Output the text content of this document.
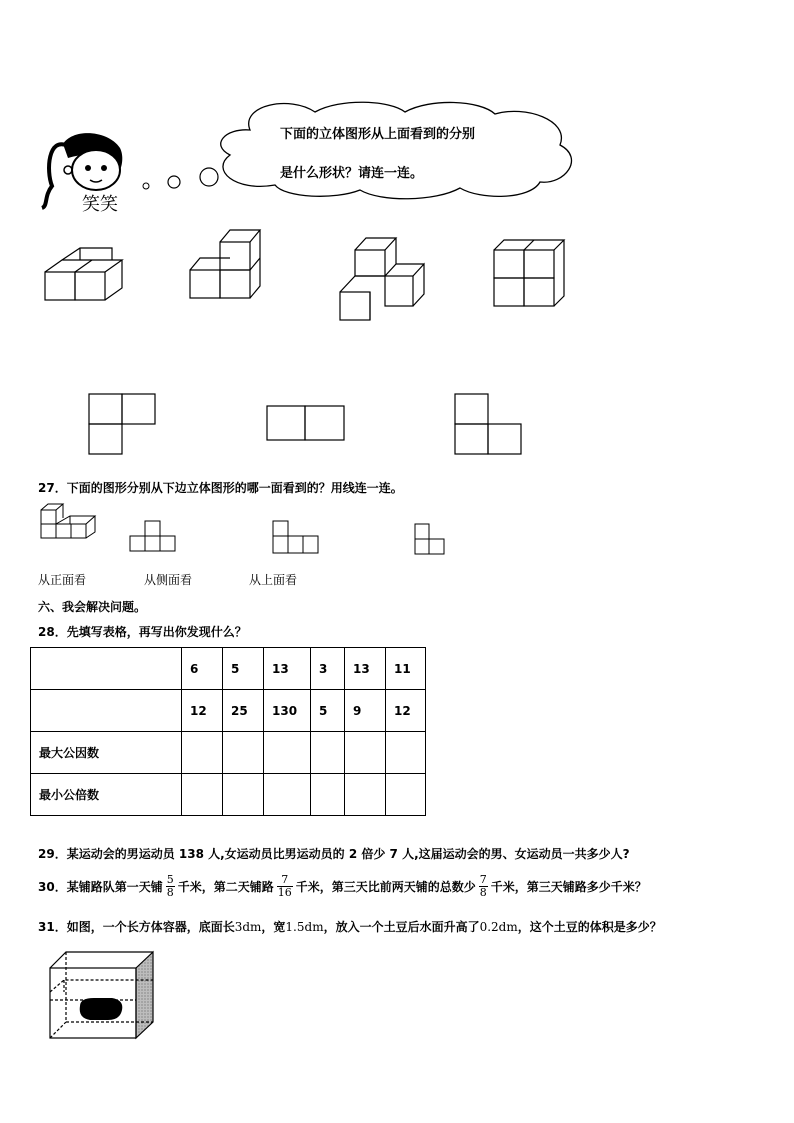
笑笑
下面的立体图形从上面看到的分别
是什么形状？请连一连。
27．下面的图形分别从下边立体图形的哪一面看到的？用线连一连。
从正面看	从侧面看	从上面看
六、我会解决问题。
28．先填写表格，再写出你发现什么？
	6	5	13	3	13	11
	12	25	130	5	9	12
最大公因数						
最小公倍数						
29．某运动会的男运动员 138 人,女运动员比男运动员的 2 倍少 7 人,这届运动会的男、女运动员一共多少人?
30．某铺路队第一天铺 $\frac{5}{8}$ 千米，第二天铺路 $\frac{7}{16}$ 千米，第三天比前两天铺的总数少 $\frac{7}{8}$ 千米，第三天铺路多少千米？
31．如图，一个长方体容器，底面长3dm，宽1.5dm，放入一个土豆后水面升高了0.2dm，这个土豆的体积是多少？
